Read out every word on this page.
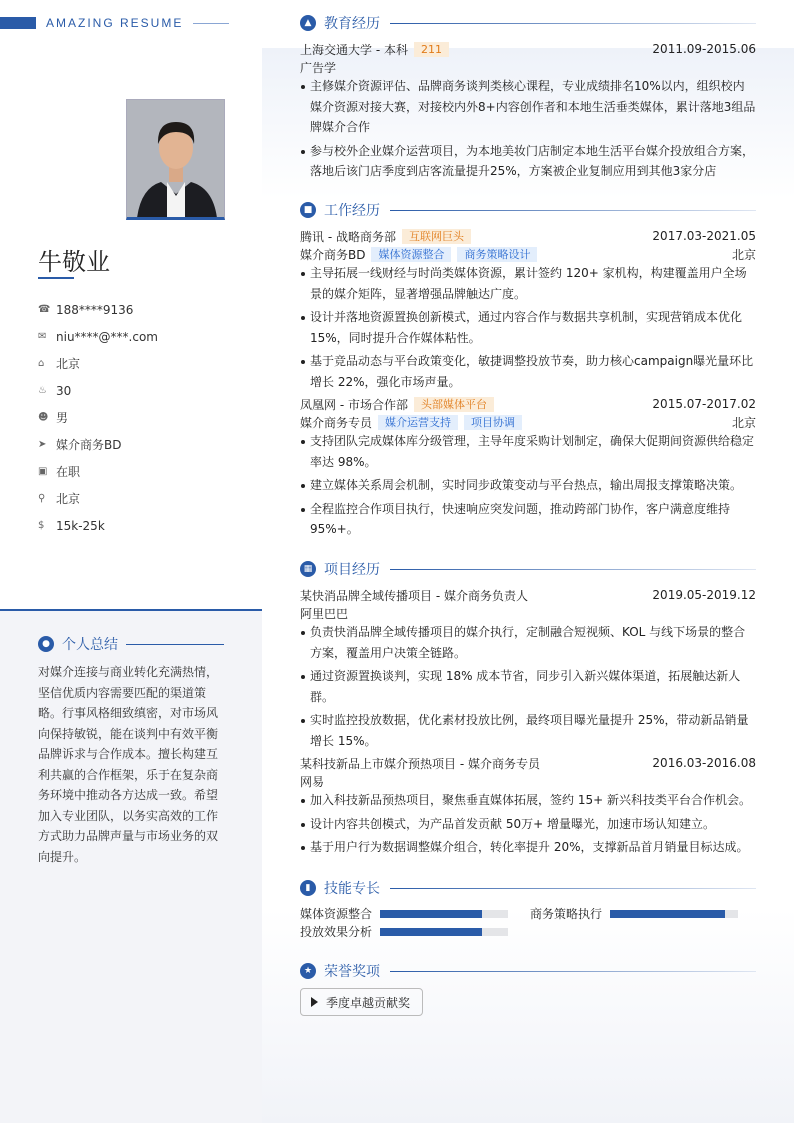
AMAZING RESUME
牛敬业
☎ 188****9136
✉ niu****@***.com
⌂ 北京
♨ 30
☻ 男
➤ 媒介商务BD
▣ 在职
⚲ 北京
$ 15k-25k
● 个人总结
对媒介连接与商业转化充满热情，坚信优质内容需要匹配的渠道策略。行事风格细致缜密，对市场风向保持敏锐，能在谈判中有效平衡品牌诉求与合作成本。擅长构建互利共赢的合作框架，乐于在复杂商务环境中推动各方达成一致。希望加入专业团队，以务实高效的工作方式助力品牌声量与市场业务的双向提升。
▲ 教育经历
上海交通大学 - 本科	211	2011.09-2015.06
广告学
主修媒介资源评估、品牌商务谈判类核心课程，专业成绩排名10%以内，组织校内媒介资源对接大赛，对接校内外8+内容创作者和本地生活垂类媒体，累计落地3组品牌媒介合作
参与校外企业媒介运营项目，为本地美妆门店制定本地生活平台媒介投放组合方案，落地后该门店季度到店客流量提升25%，方案被企业复制应用到其他3家分店
■ 工作经历
腾讯 - 战略商务部	互联网巨头	2017.03-2021.05
媒介商务BD	媒体资源整合	商务策略设计	北京
主导拓展一线财经与时尚类媒体资源，累计签约 120+ 家机构，构建覆盖用户全场景的媒介矩阵，显著增强品牌触达广度。
设计并落地资源置换创新模式，通过内容合作与数据共享机制，实现营销成本优化 15%，同时提升合作媒体粘性。
基于竞品动态与平台政策变化，敏捷调整投放节奏，助力核心campaign曝光量环比增长 22%，强化市场声量。
凤凰网 - 市场合作部	头部媒体平台	2015.07-2017.02
媒介商务专员	媒介运营支持	项目协调	北京
支持团队完成媒体库分级管理，主导年度采购计划制定，确保大促期间资源供给稳定率达 98%。
建立媒体关系周会机制，实时同步政策变动与平台热点，输出周报支撑策略决策。
全程监控合作项目执行，快速响应突发问题，推动跨部门协作，客户满意度维持 95%+。
▦ 项目经历
某快消品牌全域传播项目 - 媒介商务负责人	2019.05-2019.12
阿里巴巴
负责快消品牌全域传播项目的媒介执行，定制融合短视频、KOL 与线下场景的整合方案，覆盖用户决策全链路。
通过资源置换谈判，实现 18% 成本节省，同步引入新兴媒体渠道，拓展触达新人群。
实时监控投放数据，优化素材投放比例，最终项目曝光量提升 25%，带动新品销量增长 15%。
某科技新品上市媒介预热项目 - 媒介商务专员	2016.03-2016.08
网易
加入科技新品预热项目，聚焦垂直媒体拓展，签约 15+ 新兴科技类平台合作机会。
设计内容共创模式，为产品首发贡献 50万+ 增量曝光，加速市场认知建立。
基于用户行为数据调整媒介组合，转化率提升 20%，支撑新品首月销量目标达成。
▮ 技能专长
媒体资源整合	商务策略执行
投放效果分析
★ 荣誉奖项
季度卓越贡献奖
